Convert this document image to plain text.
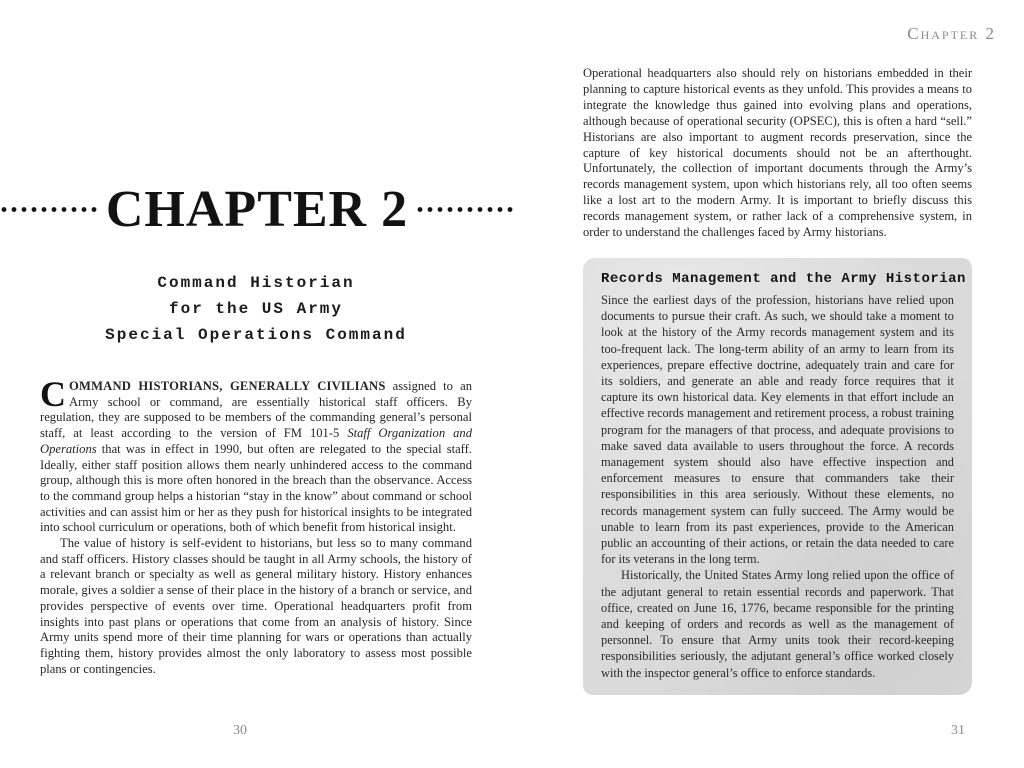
Chapter 2
CHAPTER 2
Command Historian
for the US Army
Special Operations Command

COMMAND HISTORIANS, GENERALLY CIVILIANS assigned to an Army school or command, are essentially historical staff officers. By regulation, they are supposed to be members of the commanding general’s personal staff, at least according to the version of FM 101-5 Staff Organization and Operations that was in effect in 1990, but often are relegated to the special staff. Ideally, either staff position allows them nearly unhindered access to the command group, although this is more often honored in the breach than the observance. Access to the command group helps a historian “stay in the know” about command or school activities and can assist him or her as they push for historical insights to be integrated into school curriculum or operations, both of which benefit from historical insight.

The value of history is self-evident to historians, but less so to many command and staff officers. History classes should be taught in all Army schools, the history of a relevant branch or specialty as well as general military history. History enhances morale, gives a soldier a sense of their place in the history of a branch or service, and provides perspective of events over time. Operational headquarters profit from insights into past plans or operations that come from an analysis of history. Since Army units spend more of their time planning for wars or operations than actually fighting them, history provides almost the only laboratory to assess most possible plans or contingencies.

30

Operational headquarters also should rely on historians embedded in their planning to capture historical events as they unfold. This provides a means to integrate the knowledge thus gained into evolving plans and operations, although because of operational security (OPSEC), this is often a hard “sell.” Historians are also important to augment records preservation, since the capture of key historical documents should not be an afterthought. Unfortunately, the collection of important documents through the Army’s records management system, upon which historians rely, all too often seems like a lost art to the modern Army. It is important to briefly discuss this records management system, or rather lack of a comprehensive system, in order to understand the challenges faced by Army historians.

Records Management and the Army Historian

Since the earliest days of the profession, historians have relied upon documents to pursue their craft. As such, we should take a moment to look at the history of the Army records management system and its too-frequent lack. The long-term ability of an army to learn from its experiences, prepare effective doctrine, adequately train and care for its soldiers, and generate an able and ready force requires that it capture its own historical data. Key elements in that effort include an effective records management and retirement process, a robust training program for the managers of that process, and adequate provisions to make saved data available to users throughout the force. A records management system should also have effective inspection and enforcement measures to ensure that commanders take their responsibilities in this area seriously. Without these elements, no records management system can fully succeed. The Army would be unable to learn from its past experiences, provide to the American public an accounting of their actions, or retain the data needed to care for its veterans in the long term.

Historically, the United States Army long relied upon the office of the adjutant general to retain essential records and paperwork. That office, created on June 16, 1776, became responsible for the printing and keeping of orders and records as well as the management of personnel. To ensure that Army units took their record-keeping responsibilities seriously, the adjutant general’s office worked closely with the inspector general’s office to enforce standards.

31
